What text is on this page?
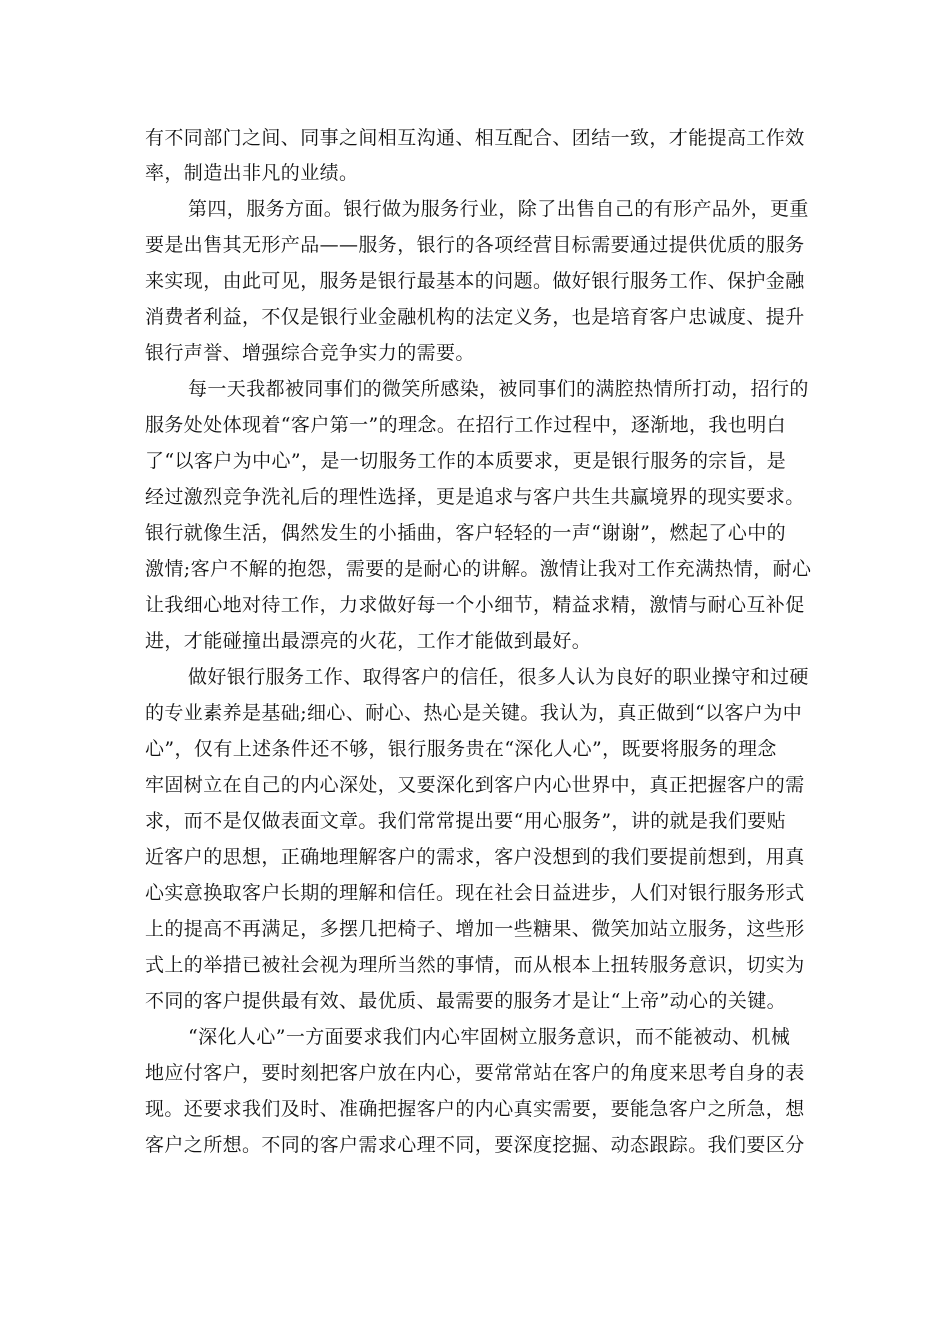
有不同部门之间、同事之间相互沟通、相互配合、团结一致，才能提高工作效
率，制造出非凡的业绩。
第四，服务方面。银行做为服务行业，除了出售自己的有形产品外，更重
要是出售其无形产品——服务，银行的各项经营目标需要通过提供优质的服务
来实现，由此可见，服务是银行最基本的问题。做好银行服务工作、保护金融
消费者利益，不仅是银行业金融机构的法定义务，也是培育客户忠诚度、提升
银行声誉、增强综合竞争实力的需要。
每一天我都被同事们的微笑所感染，被同事们的满腔热情所打动，招行的
服务处处体现着“客户第一”的理念。在招行工作过程中，逐渐地，我也明白
了“以客户为中心”，是一切服务工作的本质要求，更是银行服务的宗旨，是
经过激烈竞争洗礼后的理性选择，更是追求与客户共生共赢境界的现实要求。
银行就像生活，偶然发生的小插曲，客户轻轻的一声“谢谢”，燃起了心中的
激情;客户不解的抱怨，需要的是耐心的讲解。激情让我对工作充满热情，耐心
让我细心地对待工作，力求做好每一个小细节，精益求精，激情与耐心互补促
进，才能碰撞出最漂亮的火花，工作才能做到最好。
做好银行服务工作、取得客户的信任，很多人认为良好的职业操守和过硬
的专业素养是基础;细心、耐心、热心是关键。我认为，真正做到“以客户为中
心”，仅有上述条件还不够，银行服务贵在“深化人心”，既要将服务的理念
牢固树立在自己的内心深处，又要深化到客户内心世界中，真正把握客户的需
求，而不是仅做表面文章。我们常常提出要“用心服务”，讲的就是我们要贴
近客户的思想，正确地理解客户的需求，客户没想到的我们要提前想到，用真
心实意换取客户长期的理解和信任。现在社会日益进步，人们对银行服务形式
上的提高不再满足，多摆几把椅子、增加一些糖果、微笑加站立服务，这些形
式上的举措已被社会视为理所当然的事情，而从根本上扭转服务意识，切实为
不同的客户提供最有效、最优质、最需要的服务才是让“上帝”动心的关键。
“深化人心”一方面要求我们内心牢固树立服务意识，而不能被动、机械
地应付客户，要时刻把客户放在内心，要常常站在客户的角度来思考自身的表
现。还要求我们及时、准确把握客户的内心真实需要，要能急客户之所急，想
客户之所想。不同的客户需求心理不同，要深度挖掘、动态跟踪。我们要区分
